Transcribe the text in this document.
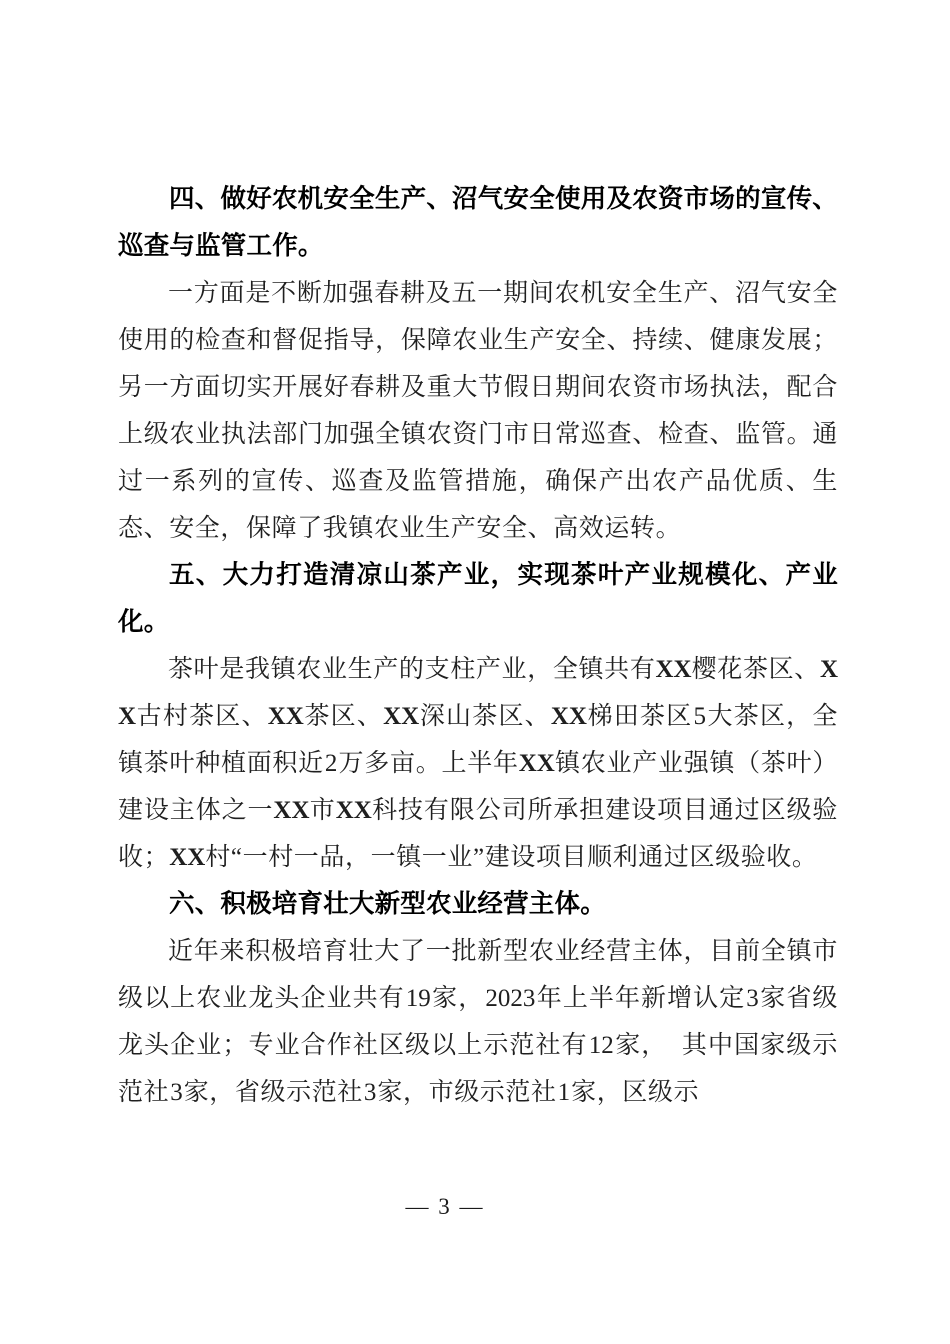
四、做好农机安全生产、沼气安全使用及农资市场的宣传、巡查与监管工作。

一方面是不断加强春耕及五一期间农机安全生产、沼气安全使用的检查和督促指导，保障农业生产安全、持续、健康发展；另一方面切实开展好春耕及重大节假日期间农资市场执法，配合上级农业执法部门加强全镇农资门市日常巡查、检查、监管。通过一系列的宣传、巡查及监管措施，确保产出农产品优质、生态、安全，保障了我镇农业生产安全、高效运转。

五、大力打造清凉山茶产业，实现茶叶产业规模化、产业化。

茶叶是我镇农业生产的支柱产业，全镇共有XX樱花茶区、XX古村茶区、XX茶区、XX深山茶区、XX梯田茶区5大茶区，全镇茶叶种植面积近2万多亩。上半年XX镇农业产业强镇（茶叶）建设主体之一XX市XX科技有限公司所承担建设项目通过区级验收；XX村“一村一品，一镇一业”建设项目顺利通过区级验收。

六、积极培育壮大新型农业经营主体。

近年来积极培育壮大了一批新型农业经营主体，目前全镇市级以上农业龙头企业共有19家，2023年上半年新增认定3家省级龙头企业；专业合作社区级以上示范社有12家， 其中国家级示范社3家，省级示范社3家，市级示范社1家，区级示

— 3 —
